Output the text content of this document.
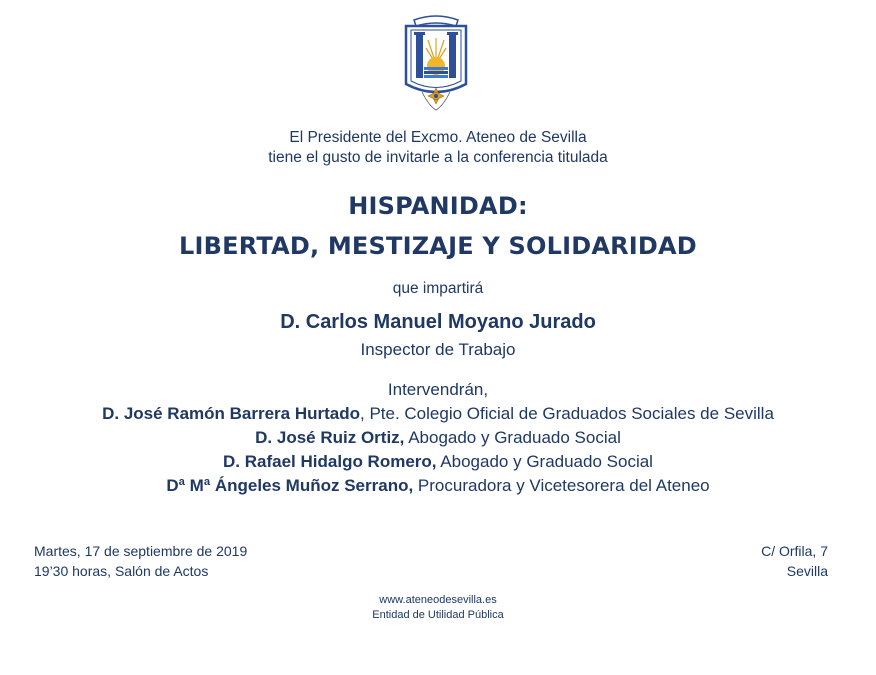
El Presidente del Excmo. Ateneo de Sevilla
tiene el gusto de invitarle a la conferencia titulada
HISPANIDAD:
LIBERTAD, MESTIZAJE Y SOLIDARIDAD
que impartirá
D. Carlos Manuel Moyano Jurado
Inspector de Trabajo
Intervendrán,
D. José Ramón Barrera Hurtado, Pte. Colegio Oficial de Graduados Sociales de Sevilla
D. José Ruiz Ortiz, Abogado y Graduado Social
D. Rafael Hidalgo Romero, Abogado y Graduado Social
Dª Mª Ángeles Muñoz Serrano, Procuradora y Vicetesorera del Ateneo
Martes, 17 de septiembre de 2019
19’30 horas, Salón de Actos
C/ Orfila, 7
Sevilla
www.ateneodesevilla.es
Entidad de Utilidad Pública
